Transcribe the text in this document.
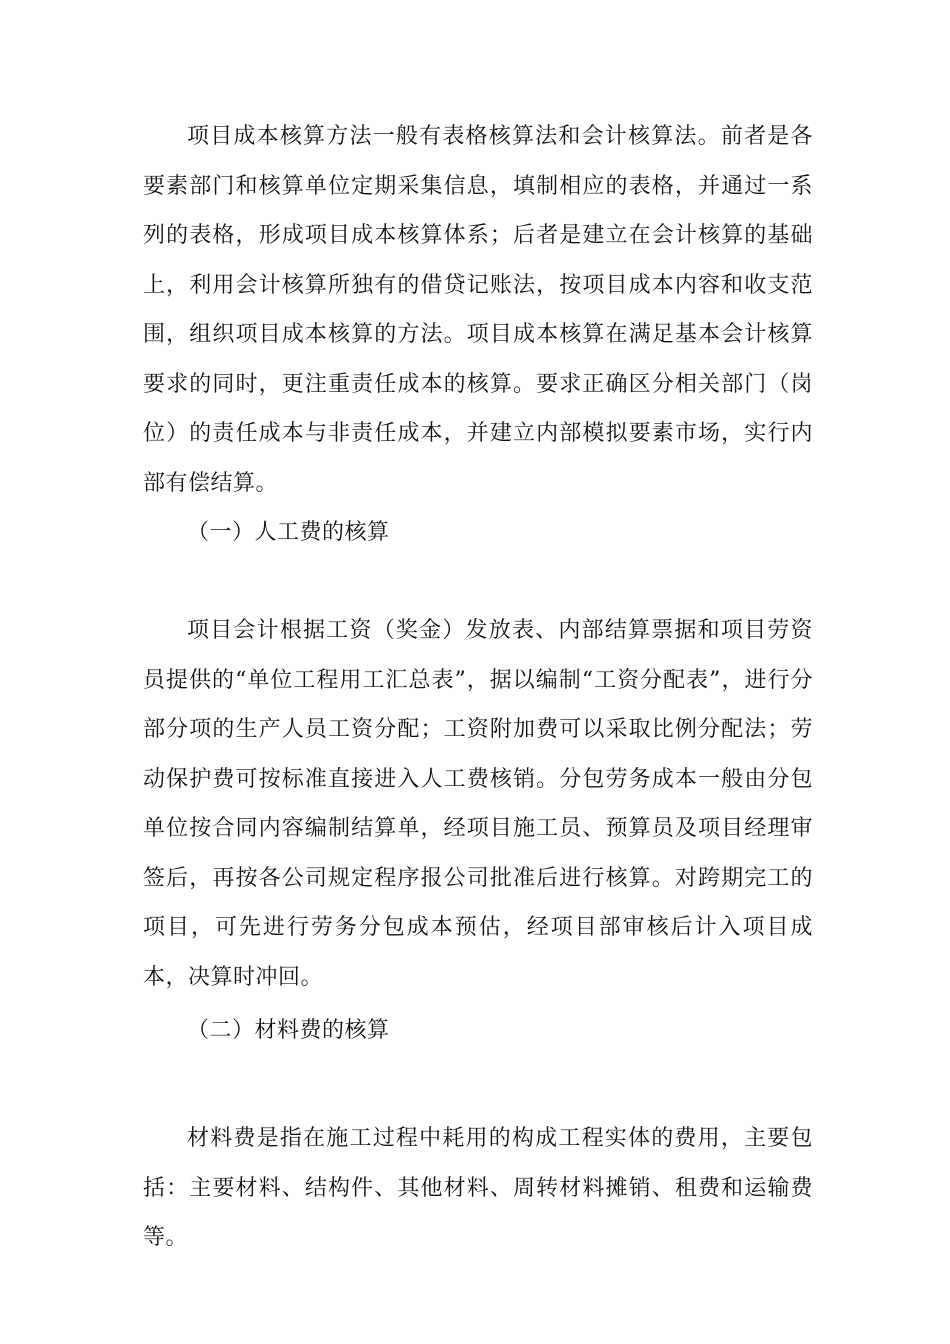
项目成本核算方法一般有表格核算法和会计核算法。前者是各要素部门和核算单位定期采集信息，填制相应的表格，并通过一系列的表格，形成项目成本核算体系；后者是建立在会计核算的基础上，利用会计核算所独有的借贷记账法，按项目成本内容和收支范围，组织项目成本核算的方法。项目成本核算在满足基本会计核算要求的同时，更注重责任成本的核算。要求正确区分相关部门（岗位）的责任成本与非责任成本，并建立内部模拟要素市场，实行内部有偿结算。

（一）人工费的核算

项目会计根据工资（奖金）发放表、内部结算票据和项目劳资员提供的“单位工程用工汇总表”，据以编制“工资分配表”，进行分部分项的生产人员工资分配；工资附加费可以采取比例分配法；劳动保护费可按标准直接进入人工费核销。分包劳务成本一般由分包单位按合同内容编制结算单，经项目施工员、预算员及项目经理审签后，再按各公司规定程序报公司批准后进行核算。对跨期完工的项目，可先进行劳务分包成本预估，经项目部审核后计入项目成本，决算时冲回。

（二）材料费的核算

材料费是指在施工过程中耗用的构成工程实体的费用，主要包括：主要材料、结构件、其他材料、周转材料摊销、租费和运输费等。
